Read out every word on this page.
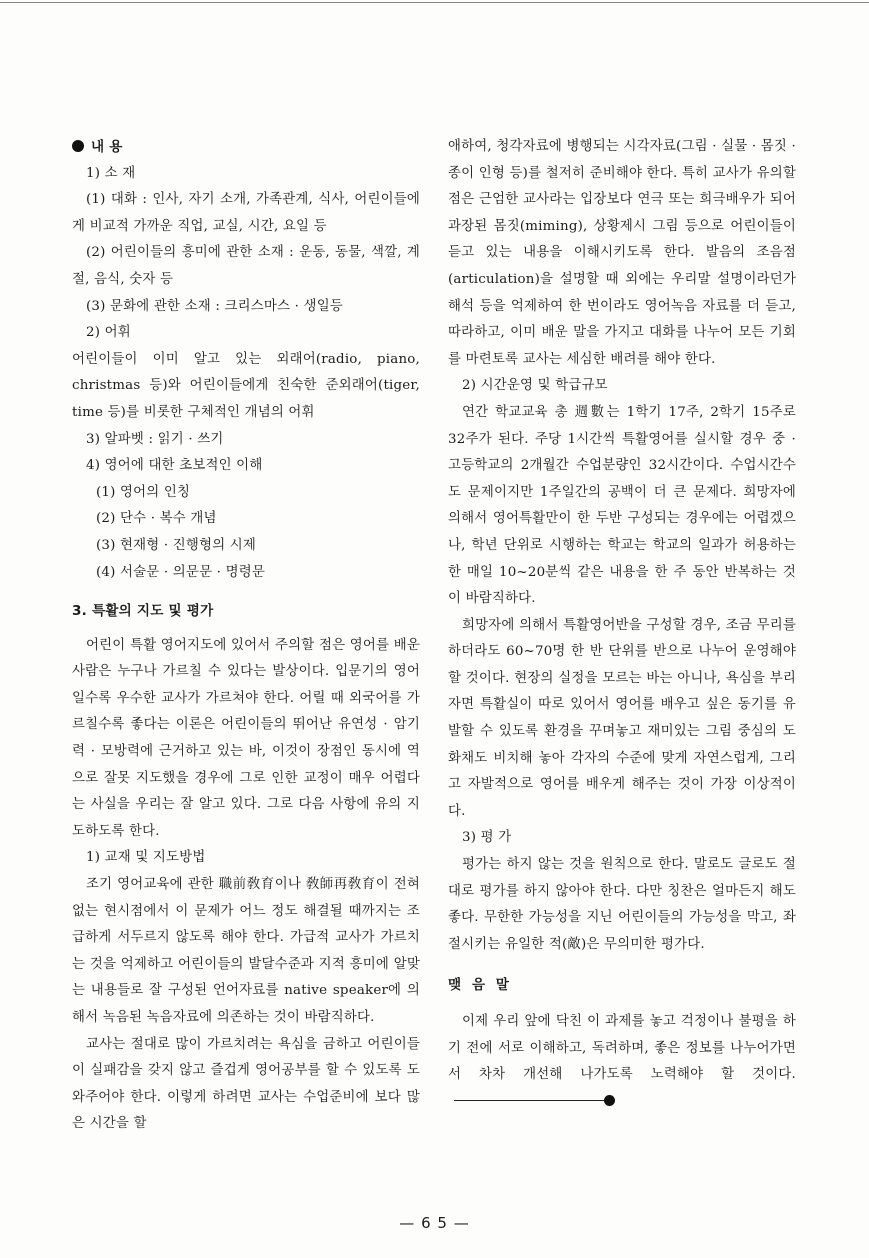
내 용

1) 소 재

(1) 대화 : 인사, 자기 소개, 가족관계, 식사, 어린이들에게 비교적 가까운 직업, 교실, 시간, 요일 등

(2) 어린이들의 흥미에 관한 소재 : 운동, 동물, 색깔, 계절, 음식, 숫자 등

(3) 문화에 관한 소재 : 크리스마스 · 생일등

2) 어휘

어린이들이 이미 알고 있는 외래어(radio, piano, christmas 등)와 어린이들에게 친숙한 준외래어(tiger, time 등)를 비롯한 구체적인 개념의 어휘

3) 알파벳 : 읽기 · 쓰기

4) 영어에 대한 초보적인 이해

(1) 영어의 인칭

(2) 단수 · 복수 개념

(3) 현재형 · 진행형의 시제

(4) 서술문 · 의문문 · 명령문

3. 특활의 지도 및 평가

어린이 특활 영어지도에 있어서 주의할 점은 영어를 배운 사람은 누구나 가르칠 수 있다는 발상이다. 입문기의 영어일수록 우수한 교사가 가르쳐야 한다. 어릴 때 외국어를 가르칠수록 좋다는 이론은 어린이들의 뛰어난 유연성 · 암기력 · 모방력에 근거하고 있는 바, 이것이 장점인 동시에 역으로 잘못 지도했을 경우에 그로 인한 교정이 매우 어렵다는 사실을 우리는 잘 알고 있다. 그로 다음 사항에 유의 지도하도록 한다.

1) 교재 및 지도방법

조기 영어교육에 관한 職前敎育이나 敎師再敎育이 전혀 없는 현시점에서 이 문제가 어느 정도 해결될 때까지는 조급하게 서두르지 않도록 해야 한다. 가급적 교사가 가르치는 것을 억제하고 어린이들의 발달수준과 지적 흥미에 알맞는 내용들로 잘 구성된 언어자료를 native speaker에 의해서 녹음된 녹음자료에 의존하는 것이 바람직하다.

교사는 절대로 많이 가르치려는 욕심을 금하고 어린이들이 실패감을 갖지 않고 즐겁게 영어공부를 할 수 있도록 도와주어야 한다. 이렇게 하려면 교사는 수업준비에 보다 많은 시간을 할

애하여, 청각자료에 병행되는 시각자료(그림 · 실물 · 몸짓 · 종이 인형 등)를 철저히 준비해야 한다. 특히 교사가 유의할 점은 근엄한 교사라는 입장보다 연극 또는 희극배우가 되어 과장된 몸짓(miming), 상황제시 그림 등으로 어린이들이 듣고 있는 내용을 이해시키도록 한다. 발음의 조음점(articulation)을 설명할 때 외에는 우리말 설명이라던가 해석 등을 억제하여 한 번이라도 영어녹음 자료를 더 듣고, 따라하고, 이미 배운 말을 가지고 대화를 나누어 모든 기회를 마련토록 교사는 세심한 배려를 해야 한다.

2) 시간운영 및 학급규모

연간 학교교육 총 週數는 1학기 17주, 2학기 15주로 32주가 된다. 주당 1시간씩 특활영어를 실시할 경우 중 · 고등학교의 2개월간 수업분량인 32시간이다. 수업시간수도 문제이지만 1주일간의 공백이 더 큰 문제다. 희망자에 의해서 영어특활만이 한 두반 구성되는 경우에는 어렵겠으나, 학년 단위로 시행하는 학교는 학교의 일과가 허용하는 한 매일 10~20분씩 같은 내용을 한 주 동안 반복하는 것이 바람직하다.

희망자에 의해서 특활영어반을 구성할 경우, 조금 무리를 하더라도 60~70명 한 반 단위를 반으로 나누어 운영해야 할 것이다. 현장의 실정을 모르는 바는 아니나, 욕심을 부리자면 특활실이 따로 있어서 영어를 배우고 싶은 동기를 유발할 수 있도록 환경을 꾸며놓고 재미있는 그림 중심의 도화채도 비치해 놓아 각자의 수준에 맞게 자연스럽게, 그리고 자발적으로 영어를 배우게 해주는 것이 가장 이상적이다.

3) 평 가

평가는 하지 않는 것을 원칙으로 한다. 말로도 글로도 절대로 평가를 하지 않아야 한다. 다만 칭찬은 얼마든지 해도 좋다. 무한한 가능성을 지닌 어린이들의 가능성을 막고, 좌절시키는 유일한 적(敵)은 무의미한 평가다.

맺 음 말

이제 우리 앞에 닥친 이 과제를 놓고 걱정이나 불평을 하기 전에 서로 이해하고, 독려하며, 좋은 정보를 나누어가면서 차차 개선해 나가도록 노력해야 할 것이다.

— 6 5 —
